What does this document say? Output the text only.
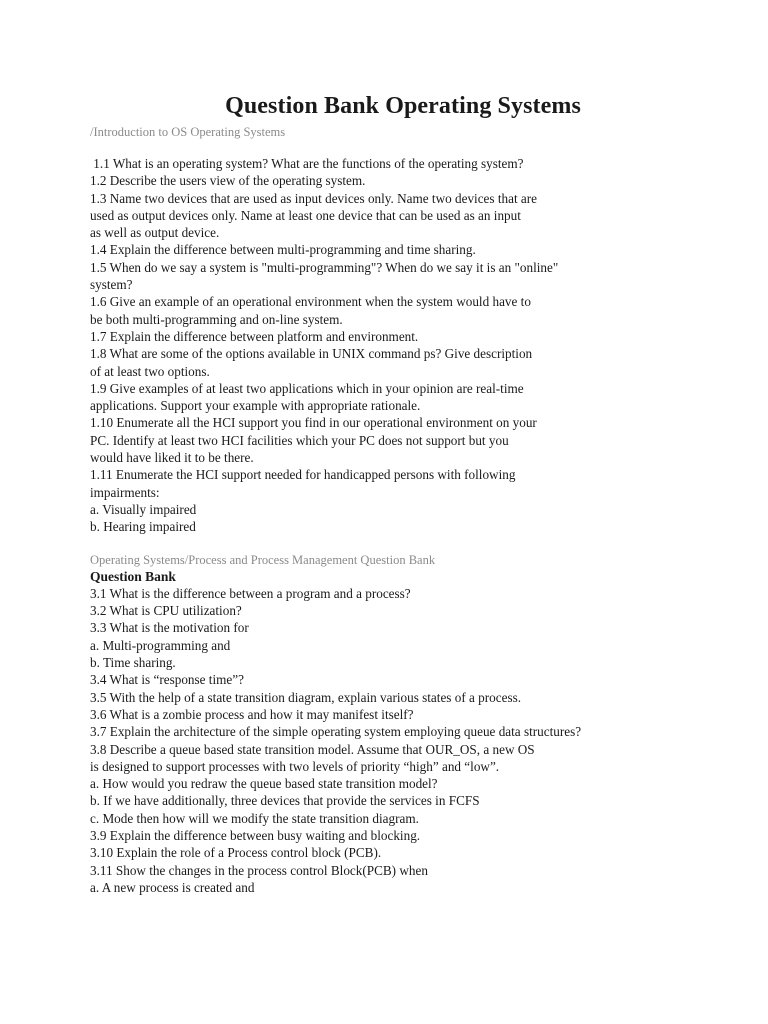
Question Bank Operating Systems

/Introduction to OS Operating Systems

1.1 What is an operating system? What are the functions of the operating system?

1.2 Describe the users view of the operating system.

1.3 Name two devices that are used as input devices only. Name two devices that are

used as output devices only. Name at least one device that can be used as an input

as well as output device.

1.4 Explain the difference between multi-programming and time sharing.

1.5 When do we say a system is "multi-programming"? When do we say it is an "online"

system?

1.6 Give an example of an operational environment when the system would have to

be both multi-programming and on-line system.

1.7 Explain the difference between platform and environment.

1.8 What are some of the options available in UNIX command ps? Give description

of at least two options.

1.9 Give examples of at least two applications which in your opinion are real-time

applications. Support your example with appropriate rationale.

1.10 Enumerate all the HCI support you find in our operational environment on your

PC. Identify at least two HCI facilities which your PC does not support but you

would have liked it to be there.

1.11 Enumerate the HCI support needed for handicapped persons with following

impairments:

a. Visually impaired

b. Hearing impaired

Operating Systems/Process and Process Management Question Bank

Question Bank

3.1 What is the difference between a program and a process?

3.2 What is CPU utilization?

3.3 What is the motivation for

a. Multi-programming and

b. Time sharing.

3.4 What is “response time”?

3.5 With the help of a state transition diagram, explain various states of a process.

3.6 What is a zombie process and how it may manifest itself?

3.7 Explain the architecture of the simple operating system employing queue data structures?

3.8 Describe a queue based state transition model. Assume that OUR_OS, a new OS

is designed to support processes with two levels of priority “high” and “low”.

a. How would you redraw the queue based state transition model?

b. If we have additionally, three devices that provide the services in FCFS

c. Mode then how will we modify the state transition diagram.

3.9 Explain the difference between busy waiting and blocking.

3.10 Explain the role of a Process control block (PCB).

3.11 Show the changes in the process control Block(PCB) when

a. A new process is created and
